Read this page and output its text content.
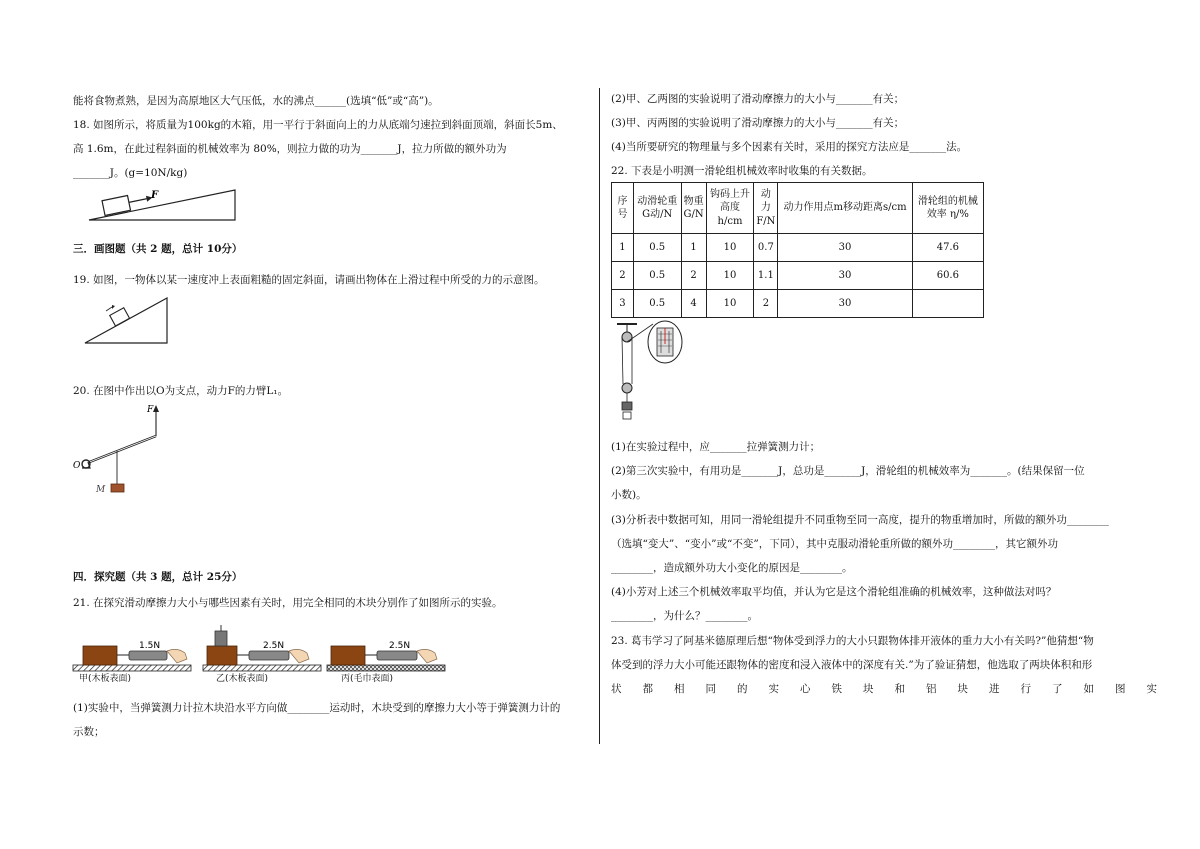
能将食物煮熟，是因为高原地区大气压低，水的沸点______(选填“低”或“高”)。
18. 如图所示，将质量为100kg的木箱，用一平行于斜面向上的力从底端匀速拉到斜面顶端，斜面长5m、
高 1.6m，在此过程斜面的机械效率为 80%，则拉力做的功为_______J，拉力所做的额外功为
_______J。(g=10N/kg)
F
三．画图题（共 2 题，总计 10分）
19. 如图，一物体以某一速度冲上表面粗糙的固定斜面，请画出物体在上滑过程中所受的力的示意图。
20. 在图中作出以O为支点，动力F的力臂L₁。
F
O
M
四．探究题（共 3 题，总计 25分）
21. 在探究滑动摩擦力大小与哪些因素有关时，用完全相同的木块分别作了如图所示的实验。
1.5N	2.5N	2.5N
甲(木板表面)	乙(木板表面)	丙(毛巾表面)
(1)实验中，当弹簧测力计拉木块沿水平方向做________运动时，木块受到的摩擦力大小等于弹簧测力计的
示数；
(2)甲、乙两图的实验说明了滑动摩擦力的大小与_______有关；
(3)甲、丙两图的实验说明了滑动摩擦力的大小与_______有关；
(4)当所要研究的物理量与多个因素有关时，采用的探究方法应是_______法。
22. 下表是小明测一滑轮组机械效率时收集的有关数据。
序号	动滑轮重G动/N	物重G/N	钩码上升高度h/cm	动力F/N	动力作用点m移动距离s/cm	滑轮组的机械效率 η/%
1	0.5	1	10	0.7	30	47.6
2	0.5	2	10	1.1	30	60.6
3	0.5	4	10	2	30	
(1)在实验过程中，应_______拉弹簧测力计；
(2)第三次实验中，有用功是_______J，总功是_______J，滑轮组的机械效率为_______。(结果保留一位
小数)。
(3)分析表中数据可知，用同一滑轮组提升不同重物至同一高度，提升的物重增加时，所做的额外功________
（选填“变大”、“变小”或“不变”，下同），其中克服动滑轮重所做的额外功________，其它额外功
________，造成额外功大小变化的原因是________。
(4)小芳对上述三个机械效率取平均值，并认为它是这个滑轮组准确的机械效率，这种做法对吗？
________，为什么？________。
23. 葛韦学习了阿基米德原理后想“物体受到浮力的大小只跟物体排开液体的重力大小有关吗?”他猜想“物
体受到的浮力大小可能还跟物体的密度和浸入液体中的深度有关.”为了验证猜想，他选取了两块体积和形
状　　都　　相　　同　　的　　实　　心　　铁　　块　　和　　铝　　块　　进　　行　　了　　如　　图　　实
